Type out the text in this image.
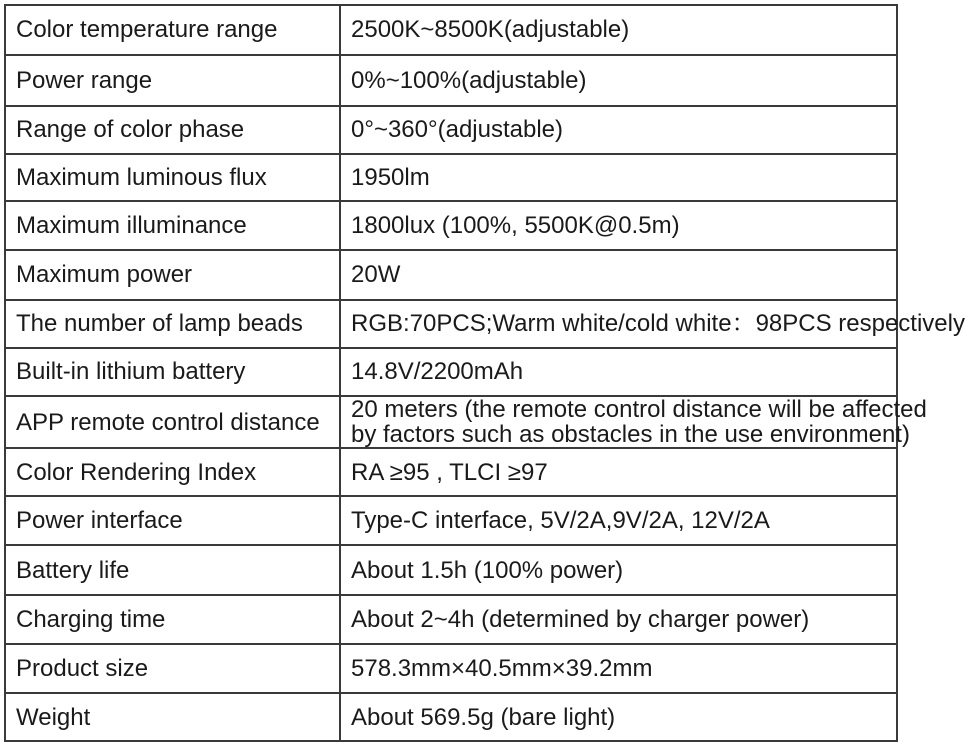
Color temperature range	2500K~8500K(adjustable)
Power range	0%~100%(adjustable)
Range of color phase	0°~360°(adjustable)
Maximum luminous flux	1950lm
Maximum illuminance	1800lux (100%, 5500K@0.5m)
Maximum power	20W
The number of lamp beads	RGB:70PCS;Warm white/cold white：98PCS respectively
Built-in lithium battery	14.8V/2200mAh
APP remote control distance	20 meters (the remote control distance will be affected
by factors such as obstacles in the use environment)
Color Rendering Index	RA ≥95 , TLCI ≥97
Power interface	Type-C interface, 5V/2A,9V/2A, 12V/2A
Battery life	About 1.5h (100% power)
Charging time	About 2~4h (determined by charger power)
Product size	578.3mm×40.5mm×39.2mm
Weight	About 569.5g (bare light)
